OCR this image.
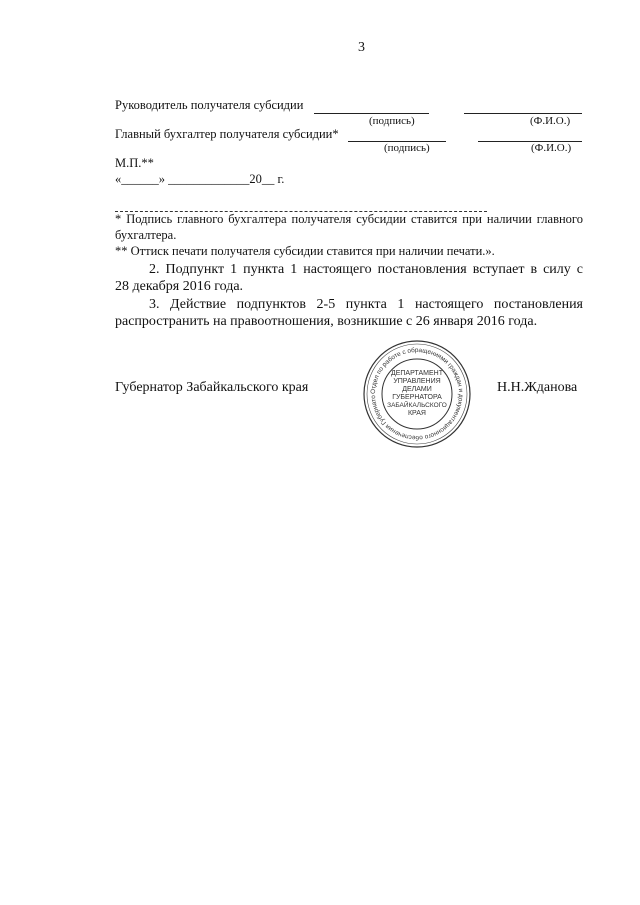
3
Руководитель получателя субсидии
(подпись)	(Ф.И.О.)
Главный бухгалтер получателя субсидии*
(подпись)	(Ф.И.О.)
М.П.**
«______» _____________20__ г.
* Подпись главного бухгалтера получателя субсидии ставится при наличии главного
бухгалтера.
** Оттиск печати получателя субсидии ставится при наличии печати.».
2. Подпункт 1 пункта 1 настоящего постановления вступает в силу с
28 декабря 2016 года.
3. Действие подпунктов 2-5 пункта 1 настоящего постановления
распространить на правоотношения, возникшие с 26 января 2016 года.
Губернатор Забайкальского края	Н.Н.Жданова
Отдел по работе с обращениями граждан и документационного обеспечения Губернато
ДЕПАРТАМЕНТ
УПРАВЛЕНИЯ
ДЕЛАМИ
ГУБЕРНАТОРА
ЗАБАЙКАЛЬСКОГО
КРАЯ
